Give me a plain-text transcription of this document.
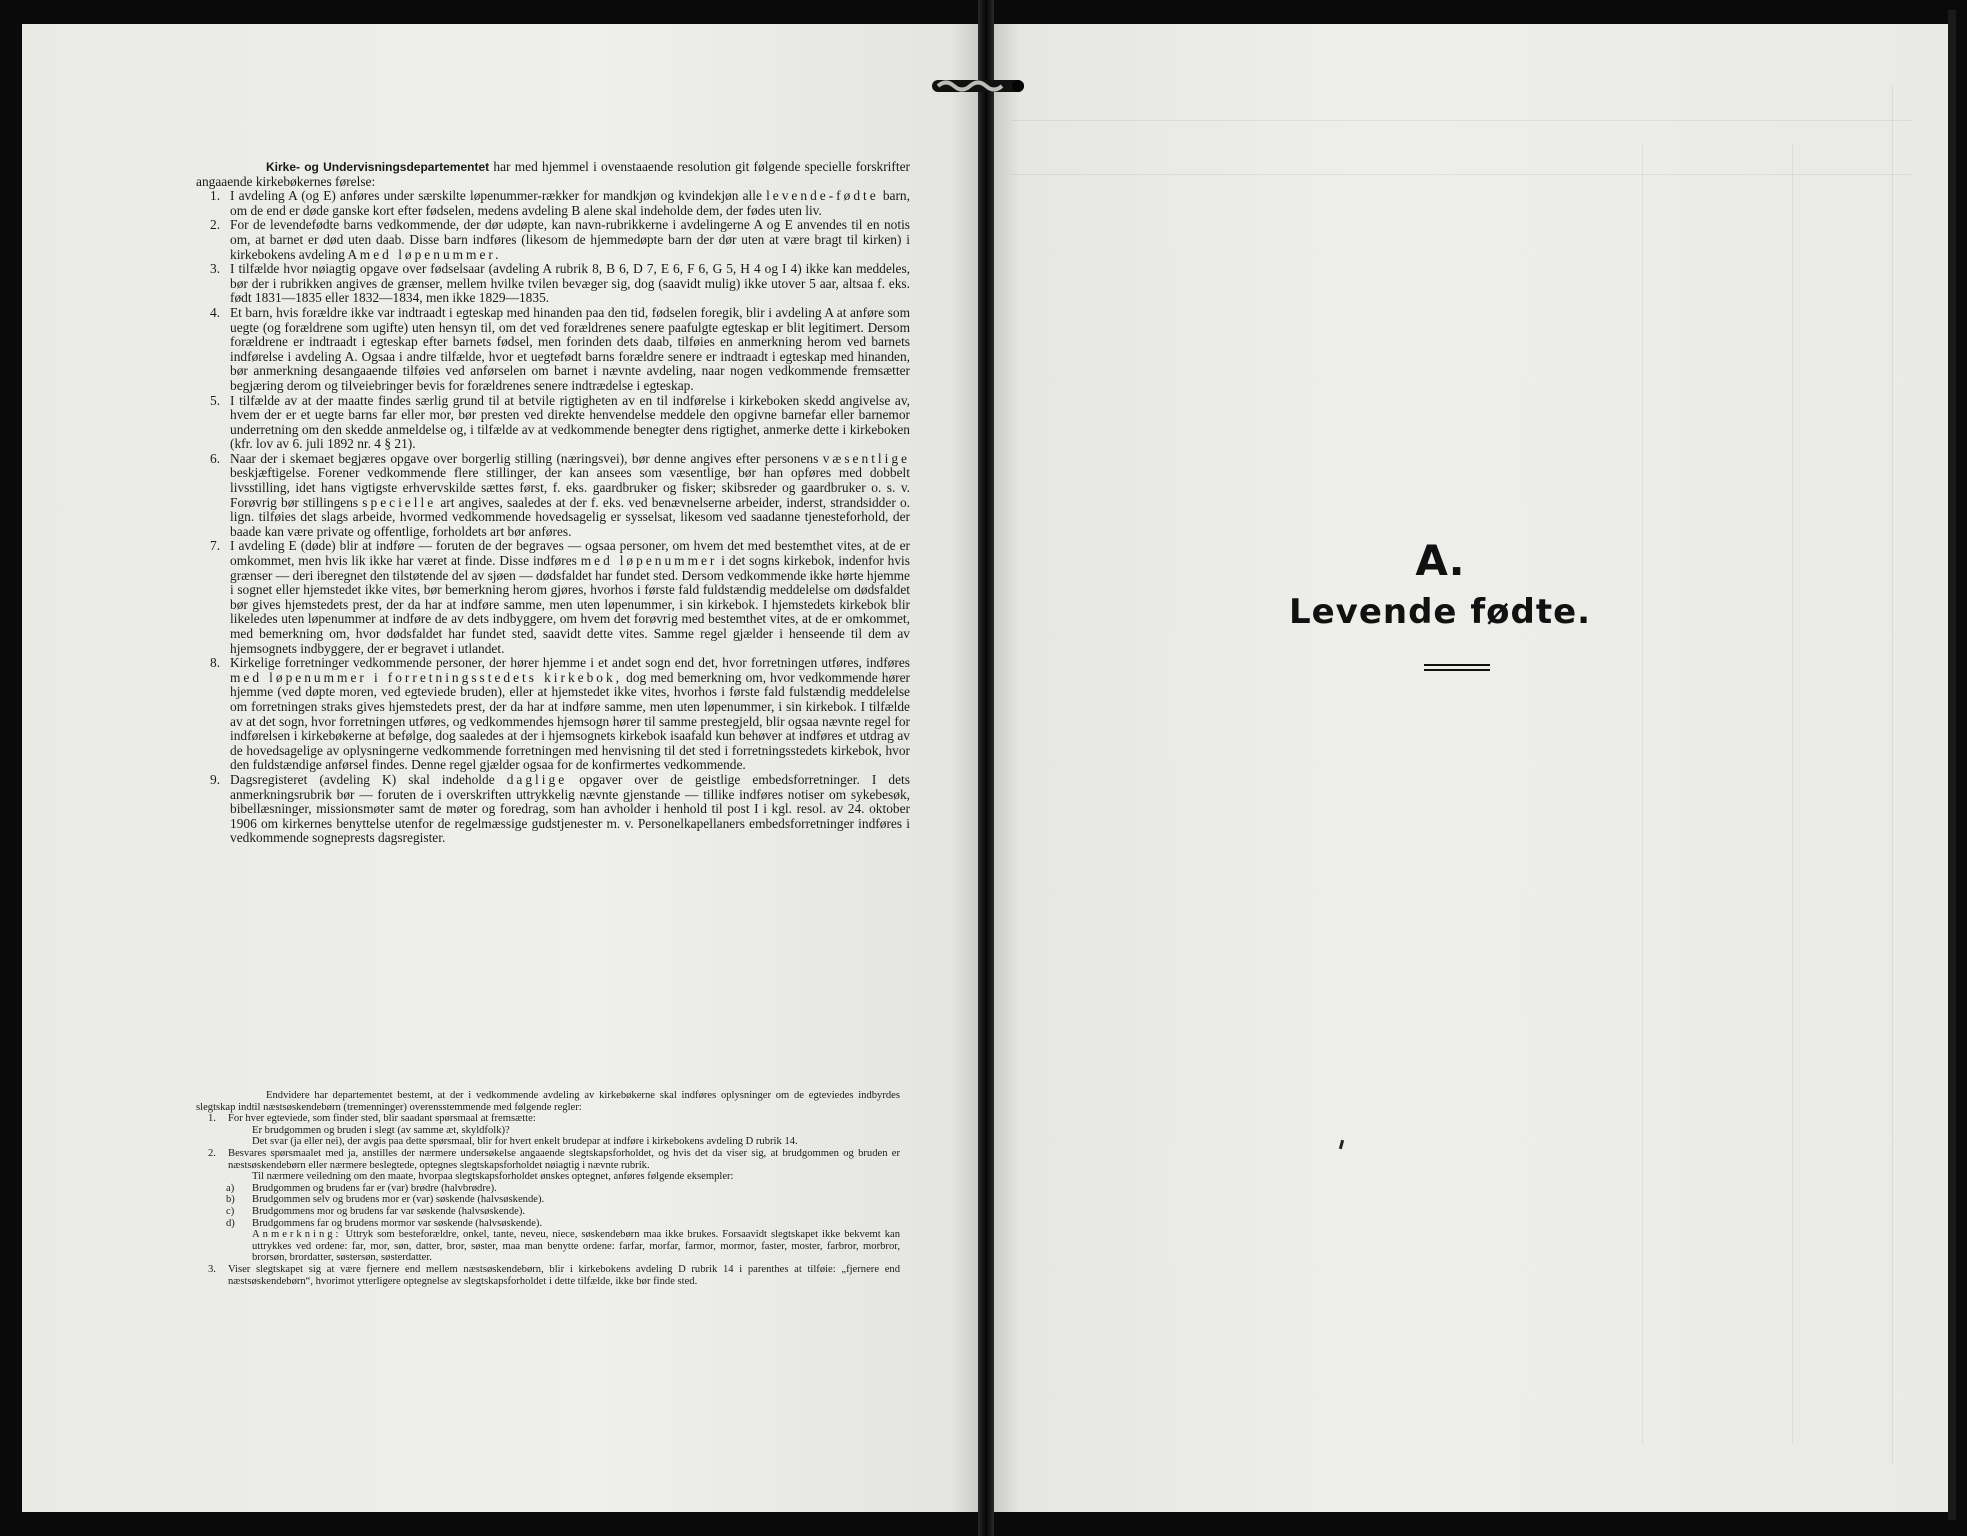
Kirke- og Undervisningsdepartementet har med hjemmel i ovenstaaende resolution git følgende specielle forskrifter angaaende kirkebøkernes førelse:

1. I avdeling A (og E) anføres under særskilte løpenummer-rækker for mandkjøn og kvindekjøn alle levende-fødte barn, om de end er døde ganske kort efter fødselen, medens avdeling B alene skal indeholde dem, der fødes uten liv.
2. For de levendefødte barns vedkommende, der dør udøpte, kan navn-rubrikkerne i avdelingerne A og E anvendes til en notis om, at barnet er død uten daab. Disse barn indføres (likesom de hjemmedøpte barn der dør uten at være bragt til kirken) i kirkebokens avdeling A med løpenummer.
3. I tilfælde hvor nøiagtig opgave over fødselsaar (avdeling A rubrik 8, B 6, D 7, E 6, F 6, G 5, H 4 og I 4) ikke kan meddeles, bør der i rubrikken angives de grænser, mellem hvilke tvilen bevæger sig, dog (saavidt mulig) ikke utover 5 aar, altsaa f. eks. født 1831—1835 eller 1832—1834, men ikke 1829—1835.
4. Et barn, hvis forældre ikke var indtraadt i egteskap med hinanden paa den tid, fødselen foregik, blir i avdeling A at anføre som uegte (og forældrene som ugifte) uten hensyn til, om det ved forældrenes senere paafulgte egteskap er blit legitimert. Dersom forældrene er indtraadt i egteskap efter barnets fødsel, men forinden dets daab, tilføies en anmerkning herom ved barnets indførelse i avdeling A. Ogsaa i andre tilfælde, hvor et uegtefødt barns forældre senere er indtraadt i egteskap med hinanden, bør anmerkning desangaaende tilføies ved anførselen om barnet i nævnte avdeling, naar nogen vedkommende fremsætter begjæring derom og tilveiebringer bevis for forældrenes senere indtrædelse i egteskap.
5. I tilfælde av at der maatte findes særlig grund til at betvile rigtigheten av en til indførelse i kirkeboken skedd angivelse av, hvem der er et uegte barns far eller mor, bør presten ved direkte henvendelse meddele den opgivne barnefar eller barnemor underretning om den skedde anmeldelse og, i tilfælde av at vedkommende benegter dens rigtighet, anmerke dette i kirkeboken (kfr. lov av 6. juli 1892 nr. 4 § 21).
6. Naar der i skemaet begjæres opgave over borgerlig stilling (næringsvei), bør denne angives efter personens væsentlige beskjæftigelse. Forener vedkommende flere stillinger, der kan ansees som væsentlige, bør han opføres med dobbelt livsstilling, idet hans vigtigste erhvervskilde sættes først, f. eks. gaardbruker og fisker; skibsreder og gaardbruker o. s. v. Forøvrig bør stillingens specielle art angives, saaledes at der f. eks. ved benævnelserne arbeider, inderst, strandsidder o. lign. tilføies det slags arbeide, hvormed vedkommende hovedsagelig er sysselsat, likesom ved saadanne tjenesteforhold, der baade kan være private og offentlige, forholdets art bør anføres.
7. I avdeling E (døde) blir at indføre — foruten de der begraves — ogsaa personer, om hvem det med bestemthet vites, at de er omkommet, men hvis lik ikke har været at finde. Disse indføres med løpenummer i det sogns kirkebok, indenfor hvis grænser — deri iberegnet den tilstøtende del av sjøen — dødsfaldet har fundet sted. Dersom vedkommende ikke hørte hjemme i sognet eller hjemstedet ikke vites, bør bemerkning herom gjøres, hvorhos i første fald fuldstændig meddelelse om dødsfaldet bør gives hjemstedets prest, der da har at indføre samme, men uten løpenummer, i sin kirkebok. I hjemstedets kirkebok blir likeledes uten løpenummer at indføre de av dets indbyggere, om hvem det forøvrig med bestemthet vites, at de er omkommet, med bemerkning om, hvor dødsfaldet har fundet sted, saavidt dette vites. Samme regel gjælder i henseende til dem av hjemsognets indbyggere, der er begravet i utlandet.
8. Kirkelige forretninger vedkommende personer, der hører hjemme i et andet sogn end det, hvor forretningen utføres, indføres med løpenummer i forretningsstedets kirkebok, dog med bemerkning om, hvor vedkommende hører hjemme (ved døpte moren, ved egteviede bruden), eller at hjemstedet ikke vites, hvorhos i første fald fulstændig meddelelse om forretningen straks gives hjemstedets prest, der da har at indføre samme, men uten løpenummer, i sin kirkebok. I tilfælde av at det sogn, hvor forretningen utføres, og vedkommendes hjemsogn hører til samme prestegjeld, blir ogsaa nævnte regel for indførelsen i kirkebøkerne at befølge, dog saaledes at der i hjemsognets kirkebok isaafald kun behøver at indføres et utdrag av de hovedsagelige av oplysningerne vedkommende forretningen med henvisning til det sted i forretningsstedets kirkebok, hvor den fuldstændige anførsel findes. Denne regel gjælder ogsaa for de konfirmertes vedkommende.
9. Dagsregisteret (avdeling K) skal indeholde daglige opgaver over de geistlige embedsforretninger. I dets anmerkningsrubrik bør — foruten de i overskriften uttrykkelig nævnte gjenstande — tillike indføres notiser om sykebesøk, bibellæsninger, missionsmøter samt de møter og foredrag, som han avholder i henhold til post I i kgl. resol. av 24. oktober 1906 om kirkernes benyttelse utenfor de regelmæssige gudstjenester m. v. Personelkapellaners embedsforretninger indføres i vedkommende sogneprests dagsregister.

Endvidere har departementet bestemt, at der i vedkommende avdeling av kirkebøkerne skal indføres oplysninger om de egteviedes indbyrdes slegtskap indtil næstsøskendebørn (tremenninger) overensstemmende med følgende regler:

1. For hver egteviede, som finder sted, blir saadant spørsmaal at fremsætte:

Er brudgommen og bruden i slegt (av samme æt, skyldfolk)?

Det svar (ja eller nei), der avgis paa dette spørsmaal, blir for hvert enkelt brudepar at indføre i kirkebokens avdeling D rubrik 14.

2. Besvares spørsmaalet med ja, anstilles der nærmere undersøkelse angaaende slegtskapsforholdet, og hvis det da viser sig, at brudgommen og bruden er næstsøskendebørn eller nærmere beslegtede, optegnes slegtskapsforholdet nøiagtig i nævnte rubrik.

Til nærmere veiledning om den maate, hvorpaa slegtskapsforholdet ønskes optegnet, anføres følgende eksempler:

a) Brudgommen og brudens far er (var) brødre (halvbrødre).

b) Brudgommen selv og brudens mor er (var) søskende (halvsøskende).

c) Brudgommens mor og brudens far var søskende (halvsøskende).

d) Brudgommens far og brudens mormor var søskende (halvsøskende).

Anmerkning: Uttryk som besteforældre, onkel, tante, neveu, niece, søskendebørn maa ikke brukes. Forsaavidt slegtskapet ikke bekvemt kan uttrykkes ved ordene: far, mor, søn, datter, bror, søster, maa man benytte ordene: farfar, morfar, farmor, mormor, faster, moster, farbror, morbror, brorsøn, brordatter, søstersøn, søsterdatter.

3. Viser slegtskapet sig at være fjernere end mellem næstsøskendebørn, blir i kirkebokens avdeling D rubrik 14 i parenthes at tilføie: „fjernere end næstsøskendebørn“, hvorimot ytterligere optegnelse av slegtskapsforholdet i dette tilfælde, ikke bør finde sted.

A.
Levende fødte.
